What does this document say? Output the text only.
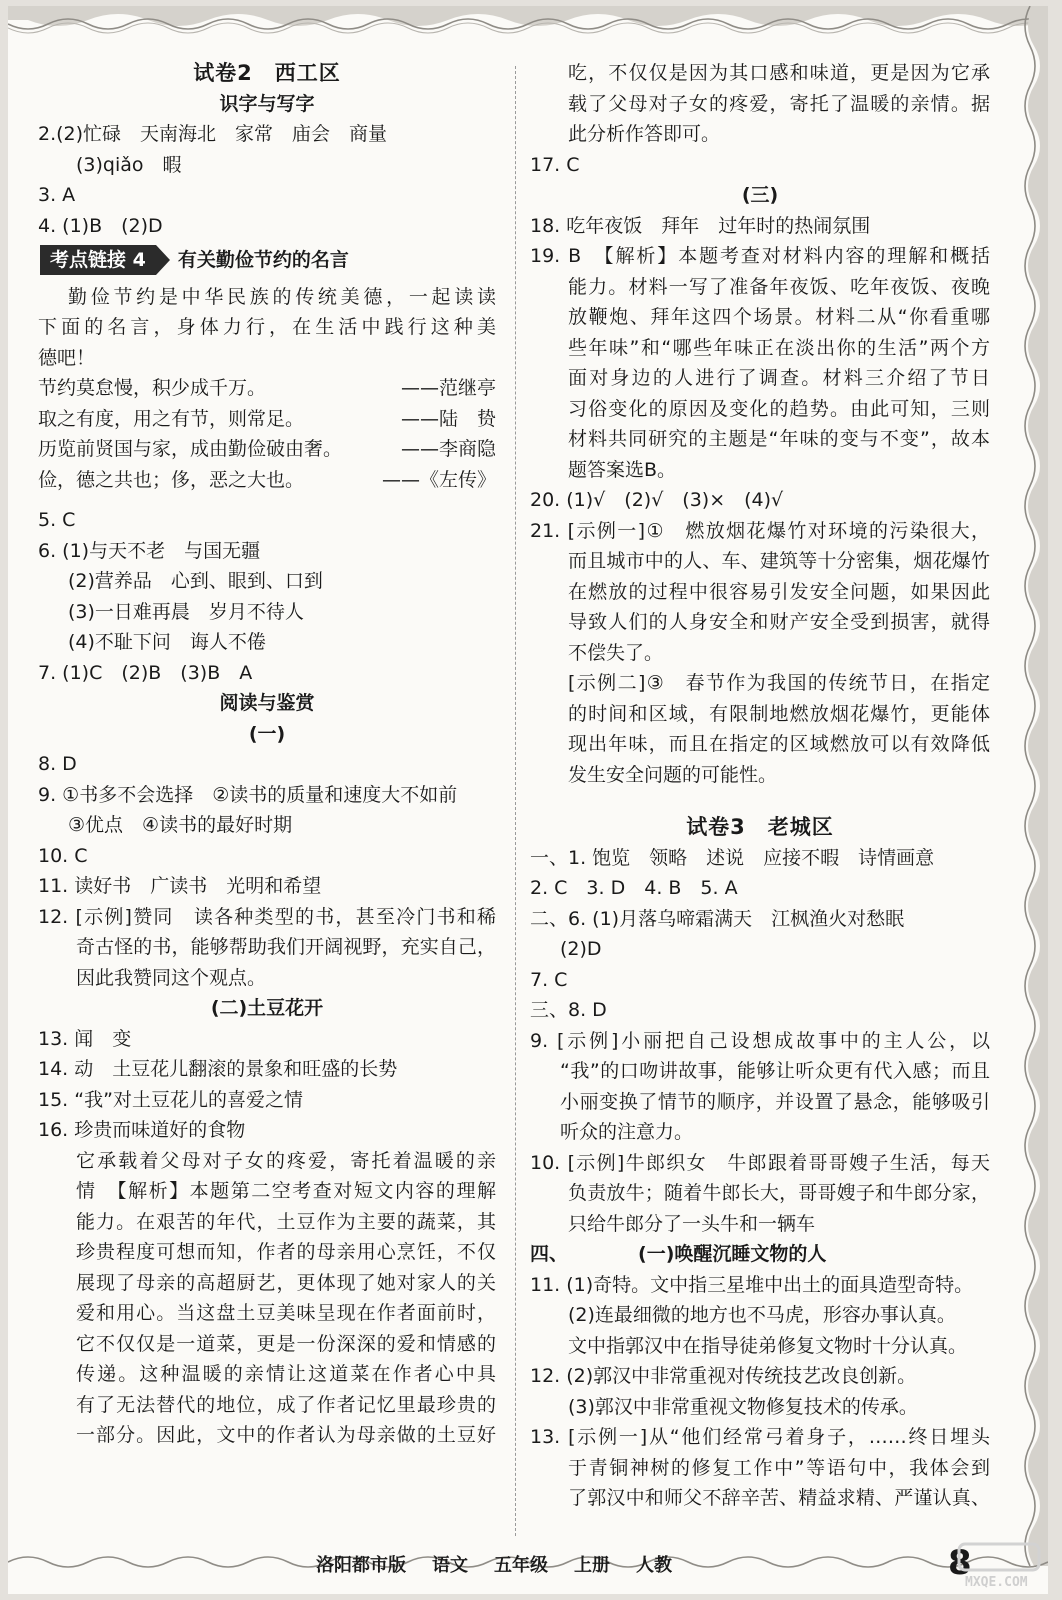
试卷2　西工区
识字与写字
2.(2)忙碌　天南海北　家常　庙会　商量
(3)qiǎo　暇
3. A
4. (1)B　(2)D
考点链接 4	有关勤俭节约的名言
勤俭节约是中华民族的传统美德，一起读读
下面的名言，身体力行，在生活中践行这种美
德吧！
节约莫怠慢，积少成千万。	——范继亭
取之有度，用之有节，则常足。	——陆　贽
历览前贤国与家，成由勤俭破由奢。	——李商隐
俭，德之共也；侈，恶之大也。	——《左传》
5. C
6. (1)与天不老　与国无疆
(2)营养品　心到、眼到、口到
(3)一日难再晨　岁月不待人
(4)不耻下问　诲人不倦
7. (1)C　(2)B　(3)B　A
阅读与鉴赏
(一)
8. D
9. ①书多不会选择　②读书的质量和速度大不如前
③优点　④读书的最好时期
10. C
11. 读好书　广读书　光明和希望
12. [示例]赞同　读各种类型的书，甚至冷门书和稀
奇古怪的书，能够帮助我们开阔视野，充实自己，
因此我赞同这个观点。
(二)土豆花开
13. 闻　变
14. 动　土豆花儿翻滚的景象和旺盛的长势
15. “我”对土豆花儿的喜爱之情
16. 珍贵而味道好的食物
它承载着父母对子女的疼爱，寄托着温暖的亲
情　【解析】本题第二空考查对短文内容的理解
能力。在艰苦的年代，土豆作为主要的蔬菜，其
珍贵程度可想而知，作者的母亲用心烹饪，不仅
展现了母亲的高超厨艺，更体现了她对家人的关
爱和用心。当这盘土豆美味呈现在作者面前时，
它不仅仅是一道菜，更是一份深深的爱和情感的
传递。这种温暖的亲情让这道菜在作者心中具
有了无法替代的地位，成了作者记忆里最珍贵的
一部分。因此，文中的作者认为母亲做的土豆好
吃，不仅仅是因为其口感和味道，更是因为它承
载了父母对子女的疼爱，寄托了温暖的亲情。据
此分析作答即可。
17. C
(三)
18. 吃年夜饭　拜年　过年时的热闹氛围
19. B　【解析】本题考查对材料内容的理解和概括
能力。材料一写了准备年夜饭、吃年夜饭、夜晚
放鞭炮、拜年这四个场景。材料二从“你看重哪
些年味”和“哪些年味正在淡出你的生活”两个方
面对身边的人进行了调查。材料三介绍了节日
习俗变化的原因及变化的趋势。由此可知，三则
材料共同研究的主题是“年味的变与不变”，故本
题答案选B。
20. (1)√　(2)√　(3)×　(4)√
21. [示例一]①　燃放烟花爆竹对环境的污染很大，
而且城市中的人、车、建筑等十分密集，烟花爆竹
在燃放的过程中很容易引发安全问题，如果因此
导致人们的人身安全和财产安全受到损害，就得
不偿失了。
[示例二]③　春节作为我国的传统节日，在指定
的时间和区域，有限制地燃放烟花爆竹，更能体
现出年味，而且在指定的区域燃放可以有效降低
发生安全问题的可能性。
试卷3　老城区
一、1. 饱览　领略　述说　应接不暇　诗情画意
2. C　3. D　4. B　5. A
二、6. (1)月落乌啼霜满天　江枫渔火对愁眠
(2)D
7. C
三、8. D
9. [示例]小丽把自己设想成故事中的主人公，以
“我”的口吻讲故事，能够让听众更有代入感；而且
小丽变换了情节的顺序，并设置了悬念，能够吸引
听众的注意力。
10. [示例]牛郎织女　牛郎跟着哥哥嫂子生活，每天
负责放牛；随着牛郎长大，哥哥嫂子和牛郎分家，
只给牛郎分了一头牛和一辆车
四、	(一)唤醒沉睡文物的人
11. (1)奇特。文中指三星堆中出土的面具造型奇特。
(2)连最细微的地方也不马虎，形容办事认真。
文中指郭汉中在指导徒弟修复文物时十分认真。
12. (2)郭汉中非常重视对传统技艺改良创新。
(3)郭汉中非常重视文物修复技术的传承。
13. [示例一]从“他们经常弓着身子，……终日埋头
于青铜神树的修复工作中”等语句中，我体会到
了郭汉中和师父不辞辛苦、精益求精、严谨认真、
洛阳都市版 语文 五年级 上册 人教	8
MXQE.COM
